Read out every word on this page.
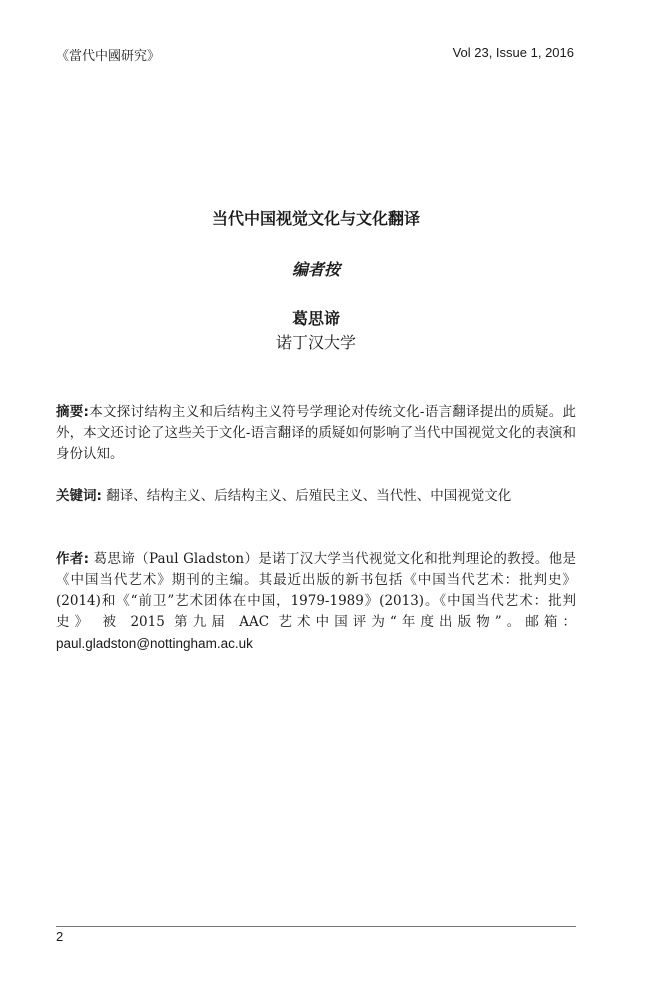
《當代中國研究》	Vol 23, Issue 1, 2016
当代中国视觉文化与文化翻译
编者按
葛思谛
诺丁汉大学
摘要:本文探讨结构主义和后结构主义符号学理论对传统文化-语言翻译提出的质疑。此外，本文还讨论了这些关于文化-语言翻译的质疑如何影响了当代中国视觉文化的表演和身份认知。
关键词: 翻译、结构主义、后结构主义、后殖民主义、当代性、中国视觉文化
作者: 葛思谛（Paul Gladston）是诺丁汉大学当代视觉文化和批判理论的教授。他是《中国当代艺术》期刊的主编。其最近出版的新书包括《中国当代艺术：批判史》(2014)和《“前卫”艺术团体在中国，1979-1989》(2013)。《中国当代艺术：批判史》 被 2015 第九届 AAC 艺术中国评为“年度出版物”。邮箱：paul.gladston@nottingham.ac.uk
2
